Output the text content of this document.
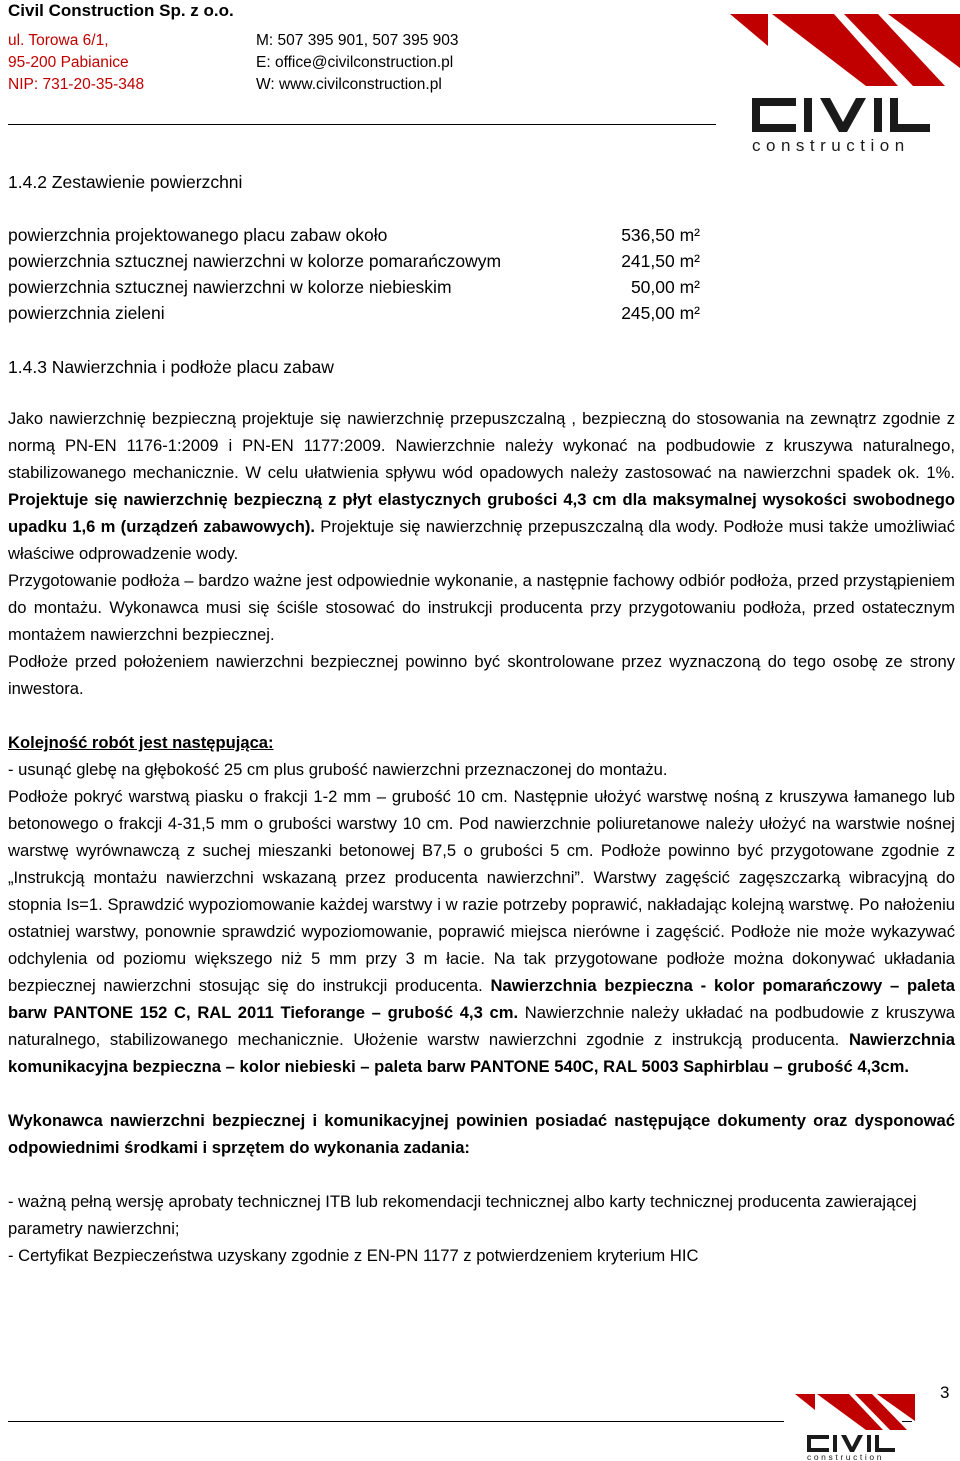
Civil Construction Sp. z o.o.
ul. Torowa 6/1,
95-200 Pabianice
NIP: 731-20-35-348
M: 507 395 901, 507 395 903
E: office@civilconstruction.pl
W: www.civilconstruction.pl
construction
1.4.2 Zestawienie powierzchni
powierzchnia projektowanego placu zabaw około	536,50 m²
powierzchnia sztucznej nawierzchni w kolorze pomarańczowym	241,50 m²
powierzchnia sztucznej nawierzchni w kolorze niebieskim	50,00 m²
powierzchnia zieleni	245,00 m²
1.4.3 Nawierzchnia i podłoże placu zabaw

Jako nawierzchnię bezpieczną projektuje się nawierzchnię przepuszczalną , bezpieczną do stosowania na zewnątrz zgodnie z normą PN-EN 1176-1:2009 i PN-EN 1177:2009. Nawierzchnie należy wykonać na podbudowie z kruszywa naturalnego, stabilizowanego mechanicznie. W celu ułatwienia spływu wód opadowych należy zastosować na nawierzchni spadek ok. 1%. Projektuje się nawierzchnię bezpieczną z płyt elastycznych grubości 4,3 cm dla maksymalnej wysokości swobodnego upadku 1,6 m (urządzeń zabawowych). Projektuje się nawierzchnię przepuszczalną dla wody. Podłoże musi także umożliwiać właściwe odprowadzenie wody.

Przygotowanie podłoża – bardzo ważne jest odpowiednie wykonanie, a następnie fachowy odbiór podłoża, przed przystąpieniem do montażu. Wykonawca musi się ściśle stosować do instrukcji producenta przy przygotowaniu podłoża, przed ostatecznym montażem nawierzchni bezpiecznej.

Podłoże przed położeniem nawierzchni bezpiecznej powinno być skontrolowane przez wyznaczoną do tego osobę ze strony inwestora.

Kolejność robót jest następująca:

- usunąć glebę na głębokość 25 cm plus grubość nawierzchni przeznaczonej do montażu.

Podłoże pokryć warstwą piasku o frakcji 1-2 mm – grubość 10 cm. Następnie ułożyć warstwę nośną z kruszywa łamanego lub betonowego o frakcji 4-31,5 mm o grubości warstwy 10 cm. Pod nawierzchnie poliuretanowe należy ułożyć na warstwie nośnej warstwę wyrównawczą z suchej mieszanki betonowej B7,5 o grubości 5 cm. Podłoże powinno być przygotowane zgodnie z „Instrukcją montażu nawierzchni wskazaną przez producenta nawierzchni”. Warstwy zagęścić zagęszczarką wibracyjną do stopnia Is=1. Sprawdzić wypoziomowanie każdej warstwy i w razie potrzeby poprawić, nakładając kolejną warstwę. Po nałożeniu ostatniej warstwy, ponownie sprawdzić wypoziomowanie, poprawić miejsca nierówne i zagęścić. Podłoże nie może wykazywać odchylenia od poziomu większego niż 5 mm przy 3 m łacie. Na tak przygotowane podłoże można dokonywać układania bezpiecznej nawierzchni stosując się do instrukcji producenta. Nawierzchnia bezpieczna - kolor pomarańczowy – paleta barw PANTONE 152 C, RAL 2011 Tieforange – grubość 4,3 cm. Nawierzchnie należy układać na podbudowie z kruszywa naturalnego, stabilizowanego mechanicznie. Ułożenie warstw nawierzchni zgodnie z instrukcją producenta. Nawierzchnia komunikacyjna bezpieczna – kolor niebieski – paleta barw PANTONE 540C, RAL 5003 Saphirblau – grubość 4,3cm.

Wykonawca nawierzchni bezpiecznej i komunikacyjnej powinien posiadać następujące dokumenty oraz dysponować odpowiednimi środkami i sprzętem do wykonania zadania:

- ważną pełną wersję aprobaty technicznej ITB lub rekomendacji technicznej albo karty technicznej producenta zawierającej parametry nawierzchni;

- Certyfikat Bezpieczeństwa uzyskany zgodnie z EN-PN 1177 z potwierdzeniem kryterium HIC

3
construction
